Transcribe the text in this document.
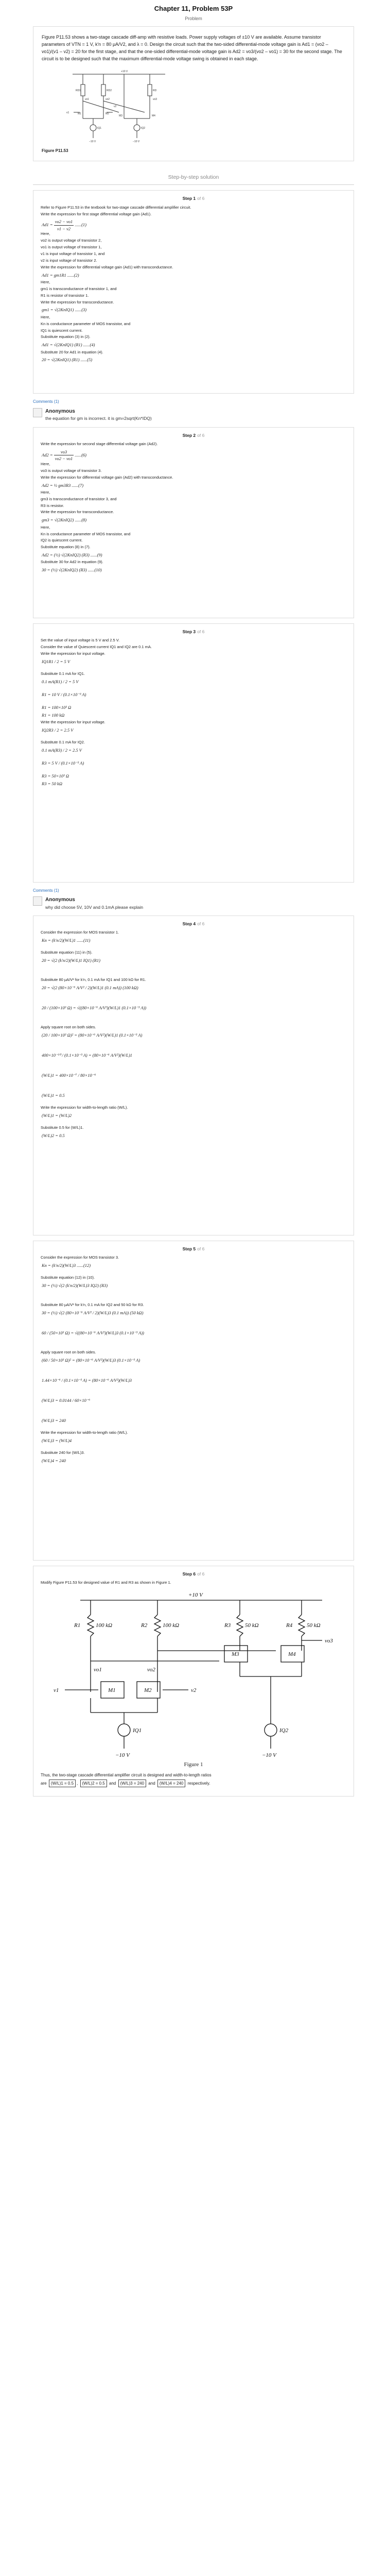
Chapter 11, Problem 53P
Problem

Figure P11.53 shows a two-stage cascade diff-amp with resistive loads. Power supply voltages of ±10 V are available. Assume transistor parameters of VTN = 1 V, k'n = 80 μA/V2, and λ = 0. Design the circuit such that the two-sided differential-mode voltage gain is Ad1 = (vo2 – vo1)/(v1 – v2) = 20 for the first stage, and that the one-sided differential-mode voltage gain is Ad2 = vo3/(vo2 – vo1) = 30 for the second stage. The circuit is to be designed such that the maximum differential-mode voltage swing is obtained in each stage.

+10 V
RD1	RD2	RD
M1	M2
M3	M4
vo1	vo2	vo3
v1
v2
IQ1	IQ2
−10 V	−10 V
Figure P11.53
Step-by-step solution
Step 1 of 6
Refer to Figure P11.53 in the textbook for two-stage cascade differential amplifier circuit.
Write the expression for first stage differential voltage gain (Ad1).
$Ad1 = \frac{vo2 - vo1}{v1 - v2} ......(1)$
Here,
vo2 is output voltage of transistor 2,
vo1 is output voltage of transistor 1,
v1 is input voltage of transistor 1, and
v2 is input voltage of transistor 2.
Write the expression for differential voltage gain (Ad1) with transconductance.
Ad1 = gm1R1 ......(2)
Here,
gm1 is transconductance of transistor 1, and
R1 is resistor of transistor 1.
Write the expression for transconductance.
gm1 = √(2KnIQ1) ......(3)
Here,
Kn is conductance parameter of MOS transistor, and
IQ1 is quiescent current.
Substitute equation (3) in (2).
Ad1 = √(2KnIQ1) (R1) ......(4)
Substitute 20 for Ad1 in equation (4).
20 = √(2KnIQ1) (R1) ......(5)
Comments (1)
Anonymous
the equation for gm is incorrect. it is gm=2sqrt(Kn*IDQ)
Step 2 of 6
Write the expression for second stage differential voltage gain (Ad2).
$Ad2 = \frac{vo3}{vo2 - vo1} ......(6)$
Here,
vo3 is output voltage of transistor 3.
Write the expression for differential voltage gain (Ad2) with transconductance.
Ad2 = ½ gm3R3 ......(7)
Here,
gm3 is transconductance of transistor 3, and
R3 is resistor.
Write the expression for transconductance.
gm3 = √(2KnIQ2) ......(8)
Here,
Kn is conductance parameter of MOS transistor, and
IQ2 is quiescent current.
Substitute equation (8) in (7).
Ad2 = (½) √(2KnIQ2) (R3) ......(9)
Substitute 30 for Ad2 in equation (9).
30 = (½) √(2KnIQ2) (R3) ......(10)
Step 3 of 6
Set the value of input voltage is 5 V and 2.5 V.
Consider the value of Quiescent current IQ1 and IQ2 are 0.1 mA.
Write the expression for input voltage.
IQ1R1 / 2 = 5 V
Substitute 0.1 mA for IQ1.
0.1 mA(R1) / 2 = 5 V
R1 = 10 V / (0.1×10⁻³ A)
R1 = 100×10³ Ω
R1 = 100 kΩ
Write the expression for input voltage.
IQ2R3 / 2 = 2.5 V
Substitute 0.1 mA for IQ2.
0.1 mA(R3) / 2 = 2.5 V
R3 = 5 V / (0.1×10⁻³ A)
R3 = 50×10³ Ω
R3 = 50 kΩ
Comments (1)
Anonymous
why did choose 5V, 10V and 0.1mA please explain
Step 4 of 6
Consider the expression for MOS transistor 1.
Kn = (k'n/2)(W/L)1 ......(11)
Substitute equation (11) in (5).
20 = √(2 (k'n/2)(W/L)1 IQ1) (R1)
Substitute 80 μA/V² for k'n, 0.1 mA for IQ1 and 100 kΩ for R1.
20 = √(2 (80×10⁻⁶ A/V² / 2)(W/L)1 (0.1 mA)) (100 kΩ)
20 / (100×10³ Ω) = √((80×10⁻⁶ A/V²)(W/L)1 (0.1×10⁻³ A))
Apply square root on both sides.
(20 / 100×10³ Ω)² = (80×10⁻⁶ A/V²)(W/L)1 (0.1×10⁻³ A)
400×10⁻¹⁰ / (0.1×10⁻³ A) = (80×10⁻⁶ A/V²)(W/L)1
(W/L)1 = 400×10⁻⁷ / 80×10⁻⁶
(W/L)1 = 0.5
Write the expression for width-to-length ratio (W/L).
(W/L)1 = (W/L)2
Substitute 0.5 for (W/L)1.
(W/L)2 = 0.5
Step 5 of 6
Consider the expression for MOS transistor 3.
Kn = (k'n/2)(W/L)3 ......(12)
Substitute equation (12) in (10).
30 = (½) √(2 (k'n/2)(W/L)3 IQ2) (R3)
Substitute 80 μA/V² for k'n, 0.1 mA for IQ2 and 50 kΩ for R3.
30 = (½) √(2 (80×10⁻⁶ A/V² / 2)(W/L)3 (0.1 mA)) (50 kΩ)
60 / (50×10³ Ω) = √((80×10⁻⁶ A/V²)(W/L)3 (0.1×10⁻³ A))
Apply square root on both sides.
(60 / 50×10³ Ω)² = (80×10⁻⁶ A/V²)(W/L)3 (0.1×10⁻³ A)
1.44×10⁻⁶ / (0.1×10⁻³ A) = (80×10⁻⁶ A/V²)(W/L)3
(W/L)3 = 0.0144 / 60×10⁻⁶
(W/L)3 = 240
Write the expression for width-to-length ratio (W/L).
(W/L)3 = (W/L)4
Substitute 240 for (W/L)3.
(W/L)4 = 240
Step 6 of 6
Modify Figure P11.53 for designed value of R1 and R3 as shown in Figure 1.
+10 V
R1	100 kΩ	R2	100 kΩ	R3	50 kΩ	R4	50 kΩ
M1	M2
M3	M4
vo1	vo2
vo3
v1	v2
IQ1	IQ2
−10 V	−10 V
Figure 1
Thus, the two-stage cascade differential amplifier circuit is designed and width-to-length ratios
are (W/L)1 = 0.5 , (W/L)2 = 0.5 and (W/L)3 = 240 and (W/L)4 = 240 respectively.
